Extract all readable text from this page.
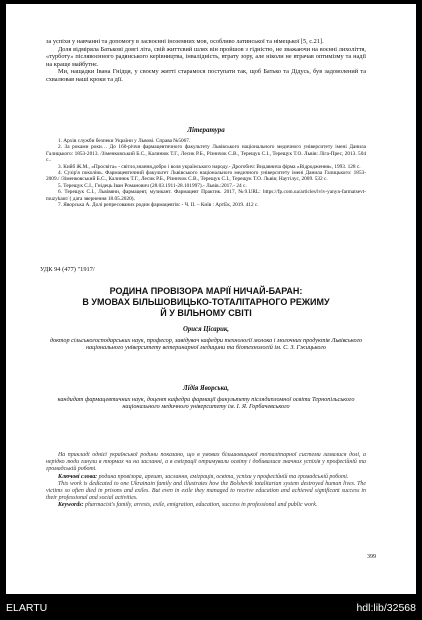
за успіхи у навчанні та допомогу в засвоєнні іноземних мов, особливо латинської та німецької [5, с.21].

Доля відміряла Батькові довгі літа, свій життєвий шлях він пройшов з гідністю, не зважаючи на воєнні лихоліття, «турботу» післявоєнного радянського керівництва, інвалідність, втрату зору, але ніколи не втрачав оптимізму та надії на краще майбутнє.

Ми, нащадки Івана Гнідця, у своєму житті старамося поступати так, щоб Батько та Дідусь, був задоволений та схвалював наші кроки та дії.

Література
1. Архів служби безпеки України у Львові. Справа №5067.
2. За роками роки… До 160-річчя фармацевтичного факультету Львівського національного медичного університету імені Данила Галицького: 1853-2013. /Зіменковський Б.С., Калинюк Т.Г., Лесик Р.Б., Різничок С.В., Терещук С.І., Терещук Т.О. Львів: Ліга-Прес, 2013. 504 с..
3. Кийб Ж.М., «Просвіта» - світло,знання,добро і воля українського народу.- Дрогобич: Видавнича фірма «Відродження», 1993. 128 с.
4. Сузір'я поколінь. Фармацевтичний факультет Львівського національного медичного університету імені Данила Галицького: 1853-2009./ /Зіменковський Б.С., Калинюк Т.Г., Лесик Р.Б., Різничок С.В., Терещук С.І., Терещук Т.О. Львів; Наутілус, 2009. 532 с.
5. Терещук С.І., Гнідець Іван Романович (28.03.1911-28.101997).- Львів.:2017.- 24 с.
6. Терещук С.І., Львівяни, фармацевт, музикант. Фармацевт Практик. 2017, №9.URL: https://fp.com.ua/articles/lviv-yanyn-farmatsevt-muzykant/ ( дата звернення 18.05.2020).
7. Яворська А. Долі репресованих родин фармацевтів: - Ч. ІІ. – Київ : АртЕк, 2019. 412 с.
УДК 94 (477) "1917/
РОДИНА ПРОВІЗОРА МАРІЇ НИЧАЙ-БАРАН:
В УМОВАХ БІЛЬШОВИЦЬКО-ТОТАЛІТАРНОГО РЕЖИМУ
Й У ВІЛЬНОМУ СВІТІ
Орися Цісарик,
доктор сільськогосподарських наук, професор, завідувач кафедри технології молока і молочних продуктів Львівського національного університету ветеринарної медицини та біотехнологій ім. С. З. Гжицького
Лідія Яворська,
кандидат фармацевтичних наук, доцент кафедри фармації факультету післядипломної освіти Тернопільського національного медичного університету ім. І. Я. Горбачевського

На прикладі однієї української родини показано, що в умовах більшовицької тоталітарної системи ламалися долі, а нерідко люди гинули в тюрмах чи на засланні, а в еміграції отримували освіту і добивалися значних успіхів у професійній та громадській роботі.

Ключові слова: родина провізора, арешт, заслання, еміграція, освіта, успіхи у професійній та громадській роботі.

This work is dedicated to one Ukrainain family and illustrates how the Bolshevik totalitarian system destroyed human lives. The victims so often died in prisons and exiles. But even in exile they managed to receive education and achieved significant success in their professional and social activities.

Keywords: pharmacist's family, arrests, exile, emigration, education, success in professional and public work.

399
ELARTU	hdl:lib/32568
